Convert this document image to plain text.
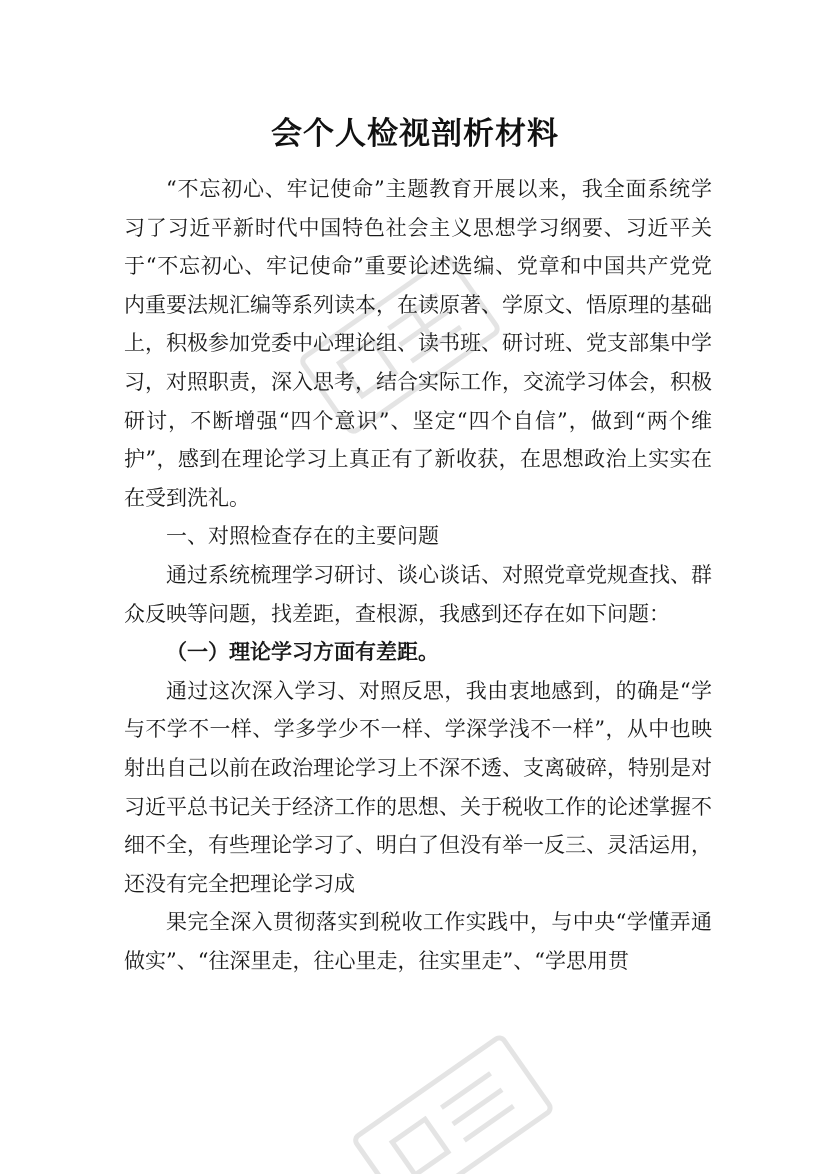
会个人检视剖析材料

“不忘初心、牢记使命”主题教育开展以来，我全面系统学习了习近平新时代中国特色社会主义思想学习纲要、习近平关于“不忘初心、牢记使命”重要论述选编、党章和中国共产党党内重要法规汇编等系列读本，在读原著、学原文、悟原理的基础上，积极参加党委中心理论组、读书班、研讨班、党支部集中学习，对照职责，深入思考，结合实际工作，交流学习体会，积极研讨，不断增强“四个意识”、坚定“四个自信”，做到“两个维护”，感到在理论学习上真正有了新收获，在思想政治上实实在在受到洗礼。

一、对照检查存在的主要问题

通过系统梳理学习研讨、谈心谈话、对照党章党规查找、群众反映等问题，找差距，查根源，我感到还存在如下问题：

（一）理论学习方面有差距。

通过这次深入学习、对照反思，我由衷地感到，的确是“学与不学不一样、学多学少不一样、学深学浅不一样”，从中也映射出自己以前在政治理论学习上不深不透、支离破碎，特别是对习近平总书记关于经济工作的思想、关于税收工作的论述掌握不细不全，有些理论学习了、明白了但没有举一反三、灵活运用，还没有完全把理论学习成

果完全深入贯彻落实到税收工作实践中，与中央“学懂弄通做实”、“往深里走，往心里走，往实里走”、“学思用贯
